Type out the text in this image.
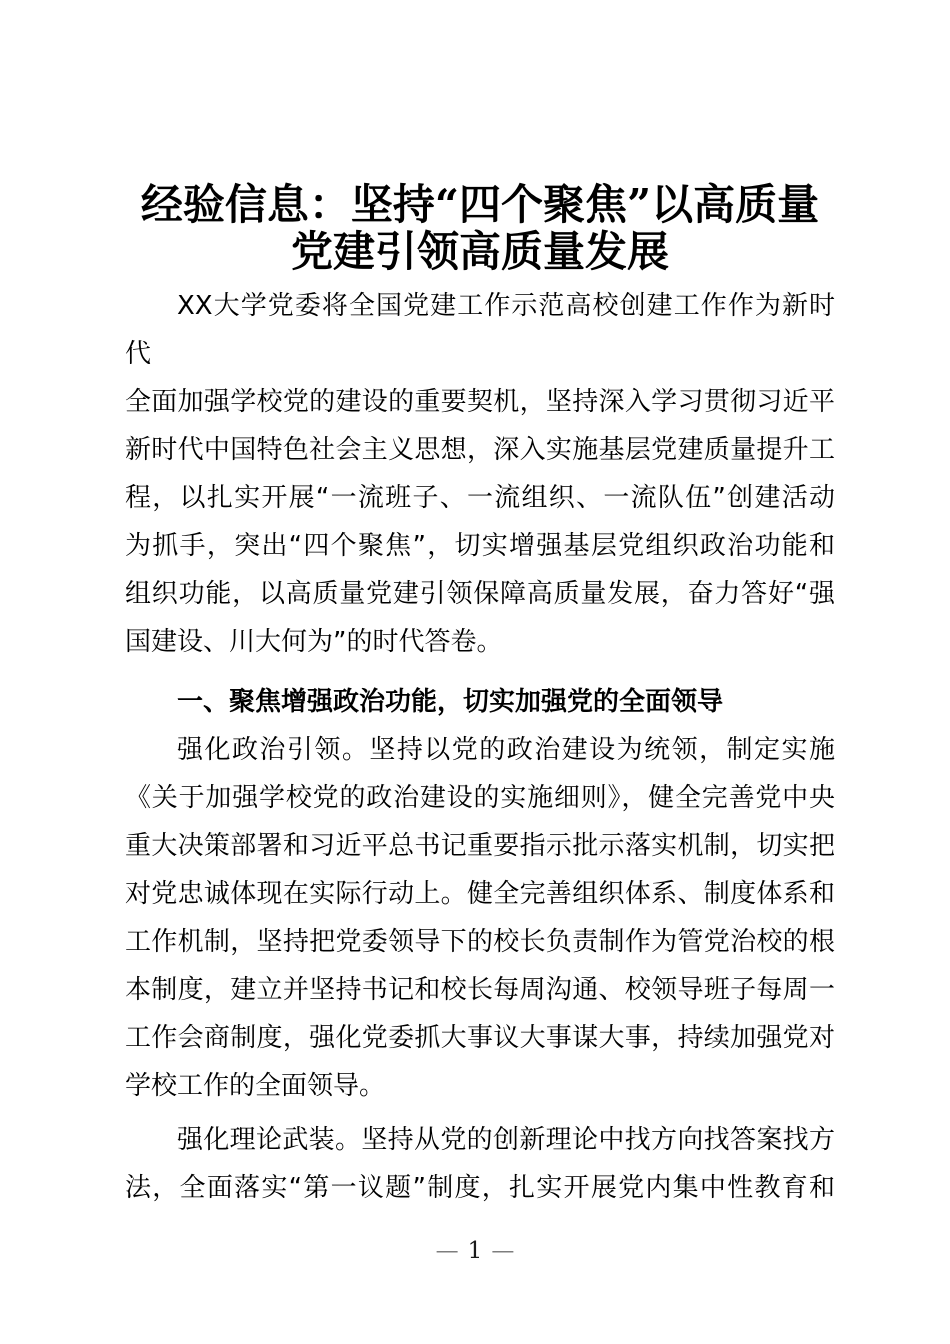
经验信息：坚持“四个聚焦”以高质量
党建引领高质量发展
XX大学党委将全国党建工作示范高校创建工作作为新时代
全面加强学校党的建设的重要契机，坚持深入学习贯彻习近平
新时代中国特色社会主义思想，深入实施基层党建质量提升工
程，以扎实开展“一流班子、一流组织、一流队伍”创建活动
为抓手，突出“四个聚焦”，切实增强基层党组织政治功能和
组织功能，以高质量党建引领保障高质量发展，奋力答好“强
国建设、川大何为”的时代答卷。
一、聚焦增强政治功能，切实加强党的全面领导
强化政治引领。坚持以党的政治建设为统领，制定实施
《关于加强学校党的政治建设的实施细则》，健全完善党中央
重大决策部署和习近平总书记重要指示批示落实机制，切实把
对党忠诚体现在实际行动上。健全完善组织体系、制度体系和
工作机制，坚持把党委领导下的校长负责制作为管党治校的根
本制度，建立并坚持书记和校长每周沟通、校领导班子每周一
工作会商制度，强化党委抓大事议大事谋大事，持续加强党对
学校工作的全面领导。
强化理论武装。坚持从党的创新理论中找方向找答案找方
法，全面落实“第一议题”制度，扎实开展党内集中性教育和
— 1 —
